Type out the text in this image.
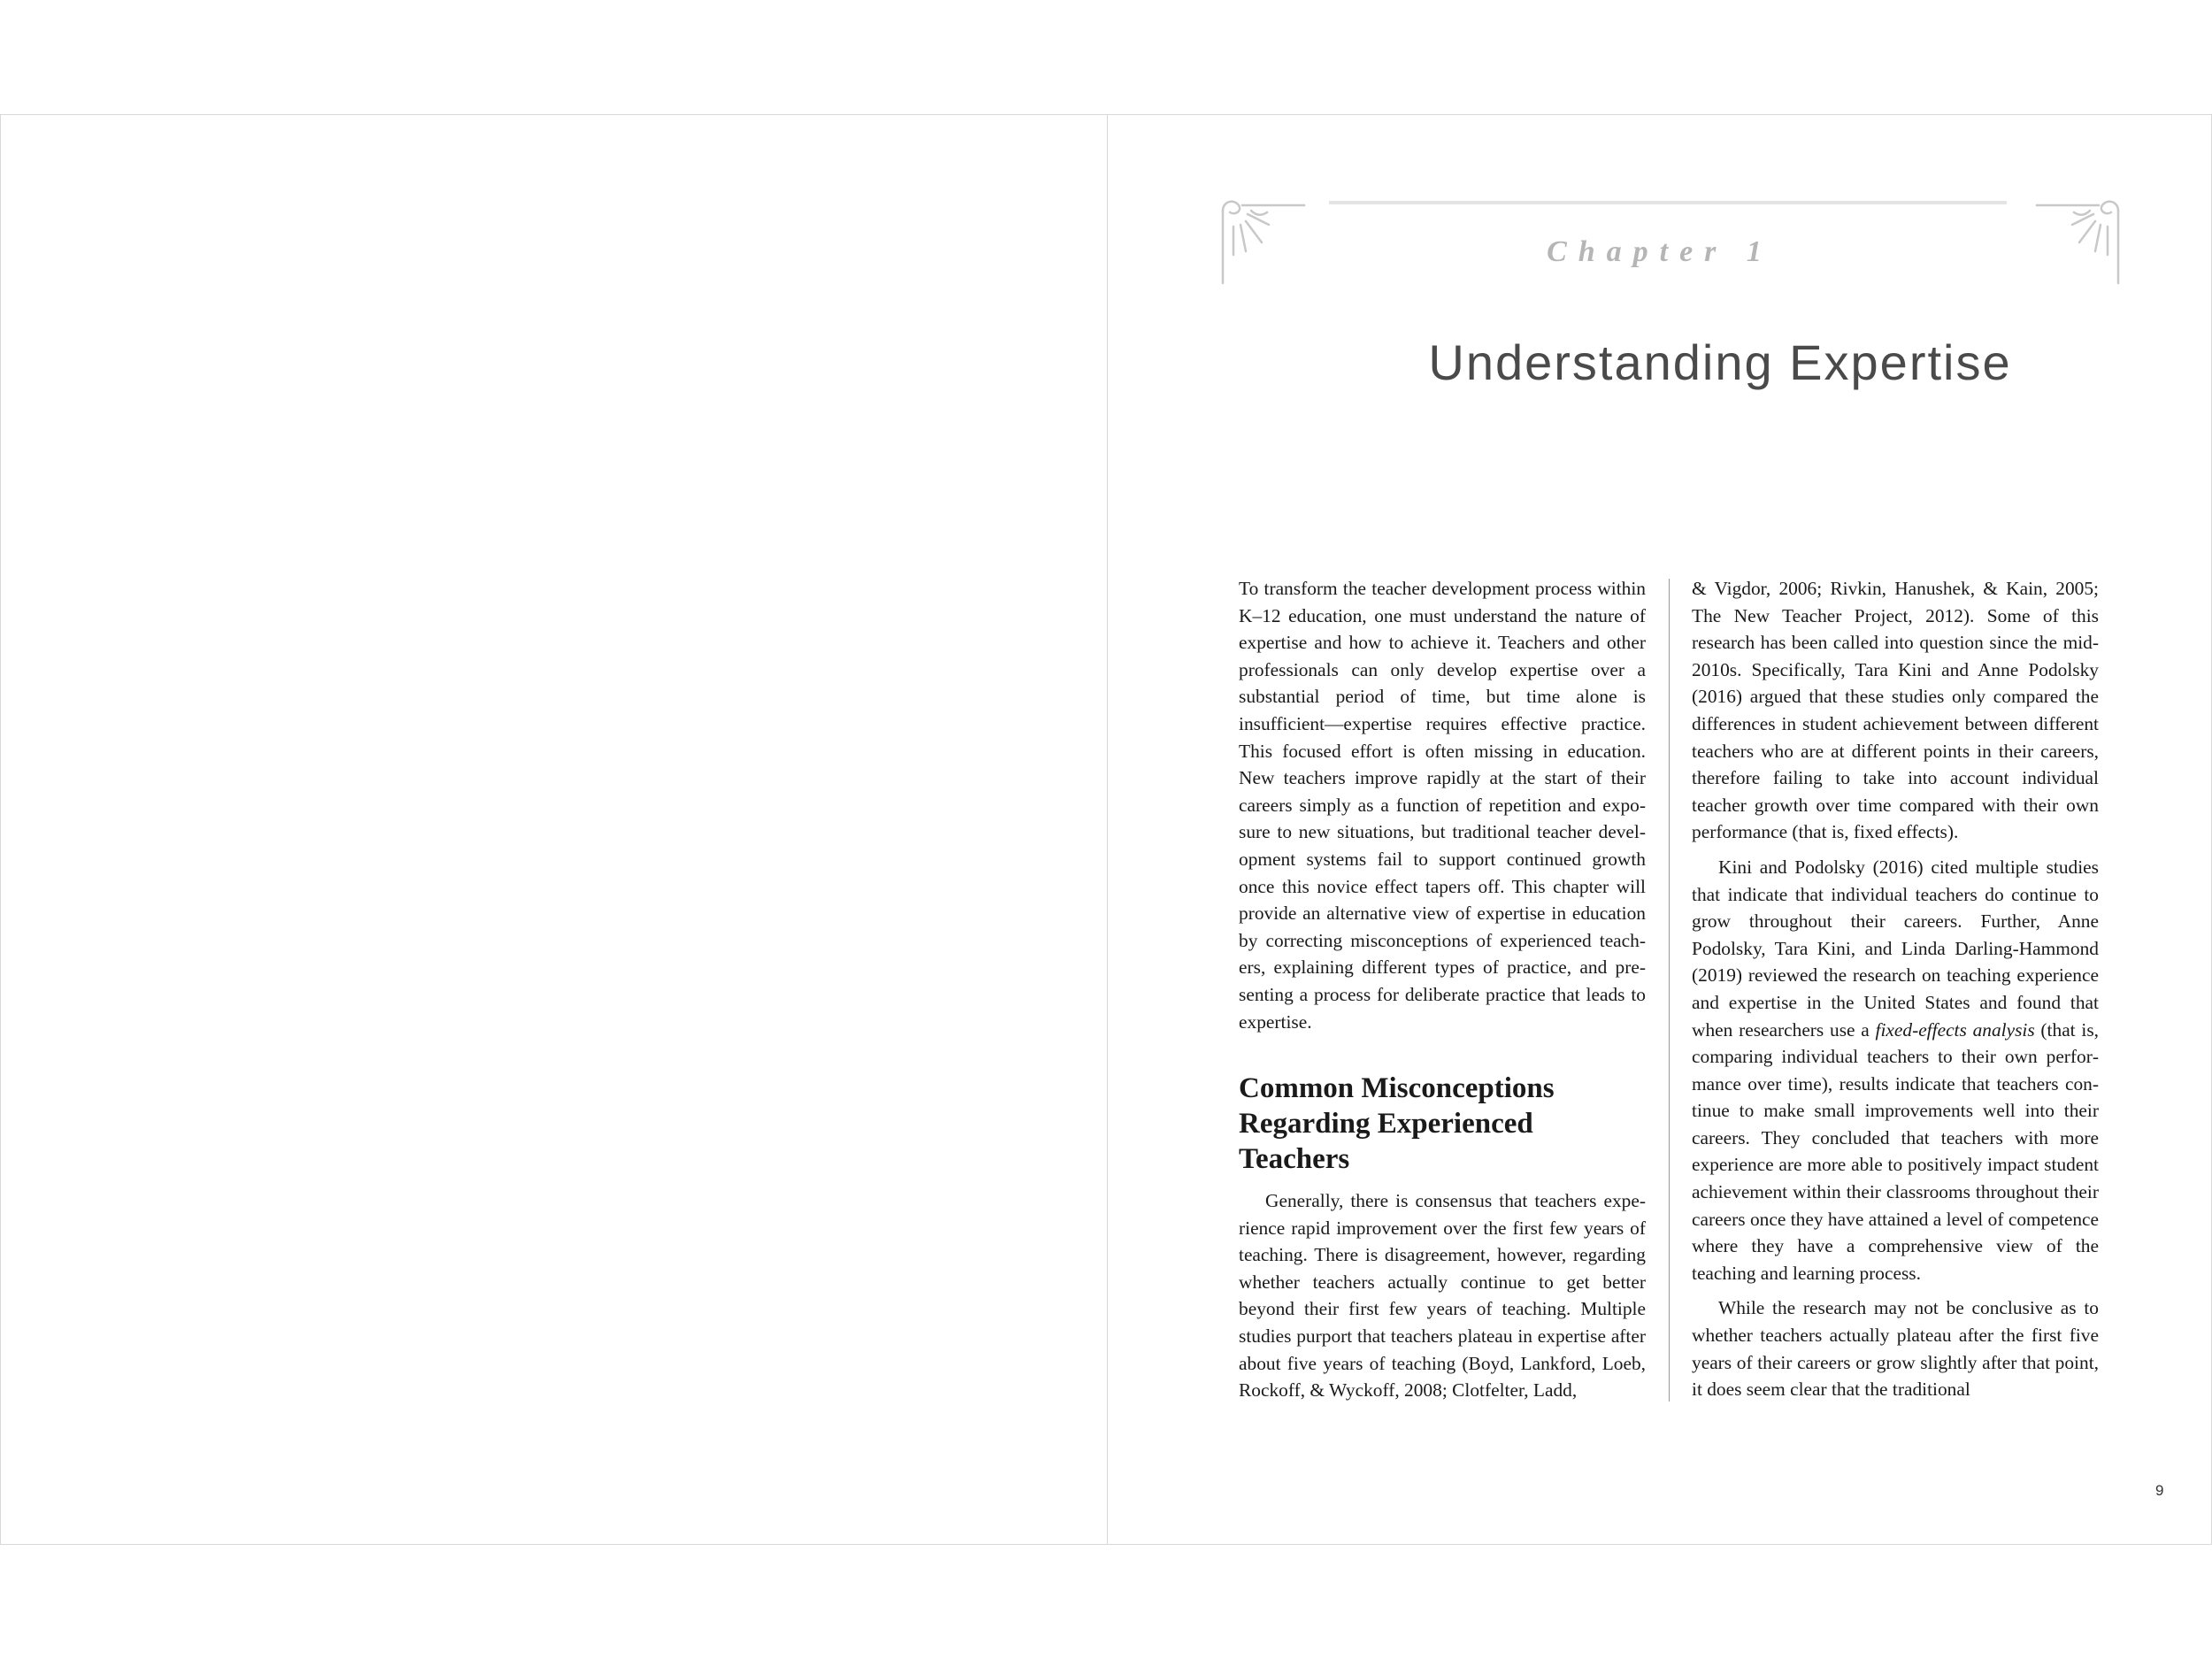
Chapter 1
Understanding Expertise

To transform the teacher development process within K–12 education, one must understand the nature of expertise and how to achieve it. Teachers and other professionals can only develop expertise over a substantial period of time, but time alone is insufficient—expertise requires effective practice. This focused effort is often missing in education. New teachers improve rapidly at the start of their careers simply as a function of repetition and exposure to new situations, but traditional teacher development systems fail to support continued growth once this novice effect tapers off. This chapter will provide an alternative view of expertise in education by correcting misconceptions of experienced teachers, explaining different types of practice, and presenting a process for deliberate practice that leads to expertise.

Common Misconceptions Regarding Experienced Teachers

Generally, there is consensus that teachers experience rapid improvement over the first few years of teaching. There is disagreement, however, regarding whether teachers actually continue to get better beyond their first few years of teaching. Multiple studies purport that teachers plateau in expertise after about five years of teaching (Boyd, Lankford, Loeb, Rockoff, & Wyckoff, 2008; Clotfelter, Ladd,

& Vigdor, 2006; Rivkin, Hanushek, & Kain, 2005; The New Teacher Project, 2012). Some of this research has been called into question since the mid-2010s. Specifically, Tara Kini and Anne Podolsky (2016) argued that these studies only compared the differences in student achievement between different teachers who are at different points in their careers, therefore failing to take into account individual teacher growth over time compared with their own performance (that is, fixed effects).

Kini and Podolsky (2016) cited multiple studies that indicate that individual teachers do continue to grow throughout their careers. Further, Anne Podolsky, Tara Kini, and Linda Darling-Hammond (2019) reviewed the research on teaching experience and expertise in the United States and found that when researchers use a fixed-effects analysis (that is, comparing individual teachers to their own performance over time), results indicate that teachers continue to make small improvements well into their careers. They concluded that teachers with more experience are more able to positively impact student achievement within their classrooms throughout their careers once they have attained a level of competence where they have a comprehensive view of the teaching and learning process.

While the research may not be conclusive as to whether teachers actually plateau after the first five years of their careers or grow slightly after that point, it does seem clear that the traditional

9
